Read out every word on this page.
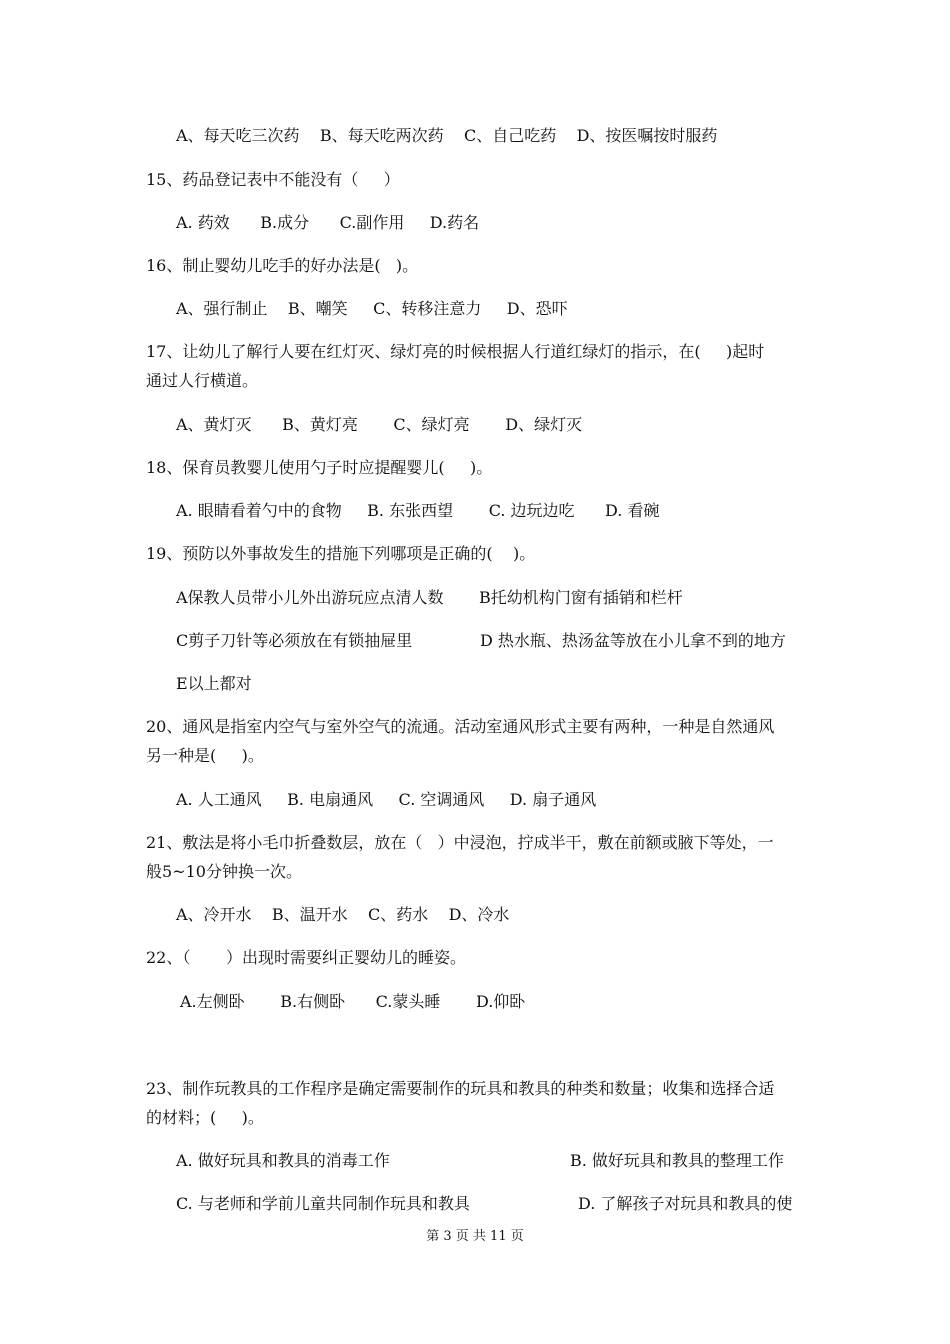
A、每天吃三次药    B、每天吃两次药    C、自己吃药    D、按医嘱按时服药
15、药品登记表中不能没有（     ）
A. 药效      B.成分      C.副作用     D.药名
16、制止婴幼儿吃手的好办法是(   )。
A、强行制止    B、嘲笑     C、转移注意力     D、恐吓
17、让幼儿了解行人要在红灯灭、绿灯亮的时候根据人行道红绿灯的指示，在(     )起时
通过人行横道。
A、黄灯灭      B、黄灯亮       C、绿灯亮       D、绿灯灭
18、保育员教婴儿使用勺子时应提醒婴儿(     )。
A. 眼睛看着勺中的食物     B. 东张西望       C. 边玩边吃      D. 看碗
19、预防以外事故发生的措施下列哪项是正确的(    )。
A保教人员带小儿外出游玩应点清人数 B托幼机构门窗有插销和栏杆
C剪子刀针等必须放在有锁抽屉里	D 热水瓶、热汤盆等放在小儿拿不到的地方
E以上都对
20、通风是指室内空气与室外空气的流通。活动室通风形式主要有两种，一种是自然通风
另一种是(     )。
A. 人工通风     B. 电扇通风     C. 空调通风     D. 扇子通风
21、敷法是将小毛巾折叠数层，放在（   ）中浸泡，拧成半干，敷在前额或腋下等处，一
般5~10分钟换一次。
A、冷开水    B、温开水    C、药水    D、冷水
22、（       ）出现时需要纠正婴幼儿的睡姿。
A.左侧卧       B.右侧卧      C.蒙头睡       D.仰卧
23、制作玩教具的工作程序是确定需要制作的玩具和教具的种类和数量；收集和选择合适
的材料；(     )。
A. 做好玩具和教具的消毒工作	B. 做好玩具和教具的整理工作
C. 与老师和学前儿童共同制作玩具和教具	D. 了解孩子对玩具和教具的使
第 3 页 共 11 页
